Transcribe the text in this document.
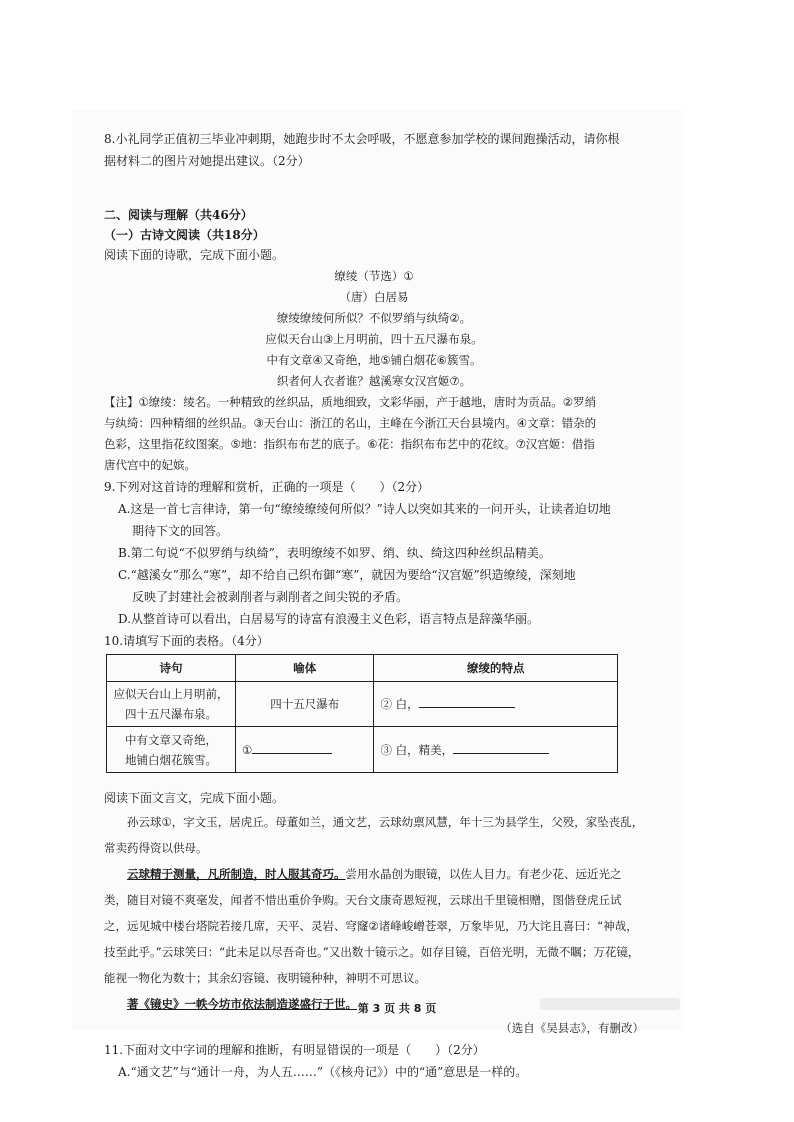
8.小礼同学正值初三毕业冲刺期，她跑步时不太会呼吸，不愿意参加学校的课间跑操活动，请你根
据材料二的图片对她提出建议。（2分）
二、阅读与理解（共46分）
（一）古诗文阅读（共18分）
阅读下面的诗歌，完成下面小题。
缭绫（节选）①
（唐）白居易
缭绫缭绫何所似？不似罗绡与纨绮②。
应似天台山③上月明前，四十五尺瀑布泉。
中有文章④又奇绝，地⑤铺白烟花⑥簇雪。
织者何人衣者谁？越溪寒女汉宫姬⑦。
【注】①缭绫：绫名。一种精致的丝织品，质地细致，文彩华丽，产于越地，唐时为贡品。②罗绡
与纨绮：四种精细的丝织品。③天台山：浙江的名山，主峰在今浙江天台县境内。④文章：错杂的
色彩，这里指花纹图案。⑤地：指织布布艺的底子。⑥花：指织布布艺中的花纹。⑦汉宫姬：借指
唐代宫中的妃嫔。
9.下列对这首诗的理解和赏析，正确的一项是（　　）（2分）
A.这是一首七言律诗，第一句“缭绫缭绫何所似？”诗人以突如其来的一问开头，让读者迫切地
期待下文的回答。
B.第二句说“不似罗绡与纨绮”，表明缭绫不如罗、绡、纨、绮这四种丝织品精美。
C.“越溪女”那么“寒”，却不给自己织布御“寒”，就因为要给“汉宫姬”织造缭绫，深刻地
反映了封建社会被剥削者与剥削者之间尖锐的矛盾。
D.从整首诗可以看出，白居易写的诗富有浪漫主义色彩，语言特点是辞藻华丽。
10.请填写下面的表格。（4分）
诗句	喻体	缭绫的特点

应似天台山上月明前，
四十五尺瀑布泉。	四十五尺瀑布	② 白，

中有文章又奇绝，
地铺白烟花簇雪。	①	③ 白，精美，
阅读下面文言文，完成下面小题。

孙云球①，字文玉，居虎丘。母董如兰，通文艺，云球幼禀风慧，年十三为县学生，父殁，家坠丧乱，常卖药得资以供母。

云球精于测量，凡所制造，时人服其奇巧。尝用水晶创为眼镜，以佐人目力。有老少花、远近光之类，随目对镜不爽毫发，闻者不惜出重价争购。天台文康奇恩短视，云球出千里镜相赠，图偕登虎丘试之，远见城中楼台塔院若接几席，天平、灵岩、穹窿②诸峰峻嶒苍翠，万象毕见，乃大诧且喜曰：“神哉，技至此乎。”云球笑曰：“此未足以尽吾奇也。”又出数十镜示之。如存目镜，百倍光明，无微不瞩；万花镜，能视一物化为数十；其余幻容镜、夜明镜种种，神明不可思议。

著《镜史》一帙今坊市依法制造遂盛行于世。

（选自《吴县志》，有删改）
11.下面对文中字词的理解和推断，有明显错误的一项是（　　）（2分）
A.“通文艺”与“通计一舟，为人五……”（《核舟记》）中的“通”意思是一样的。
第 3 页 共 8 页
